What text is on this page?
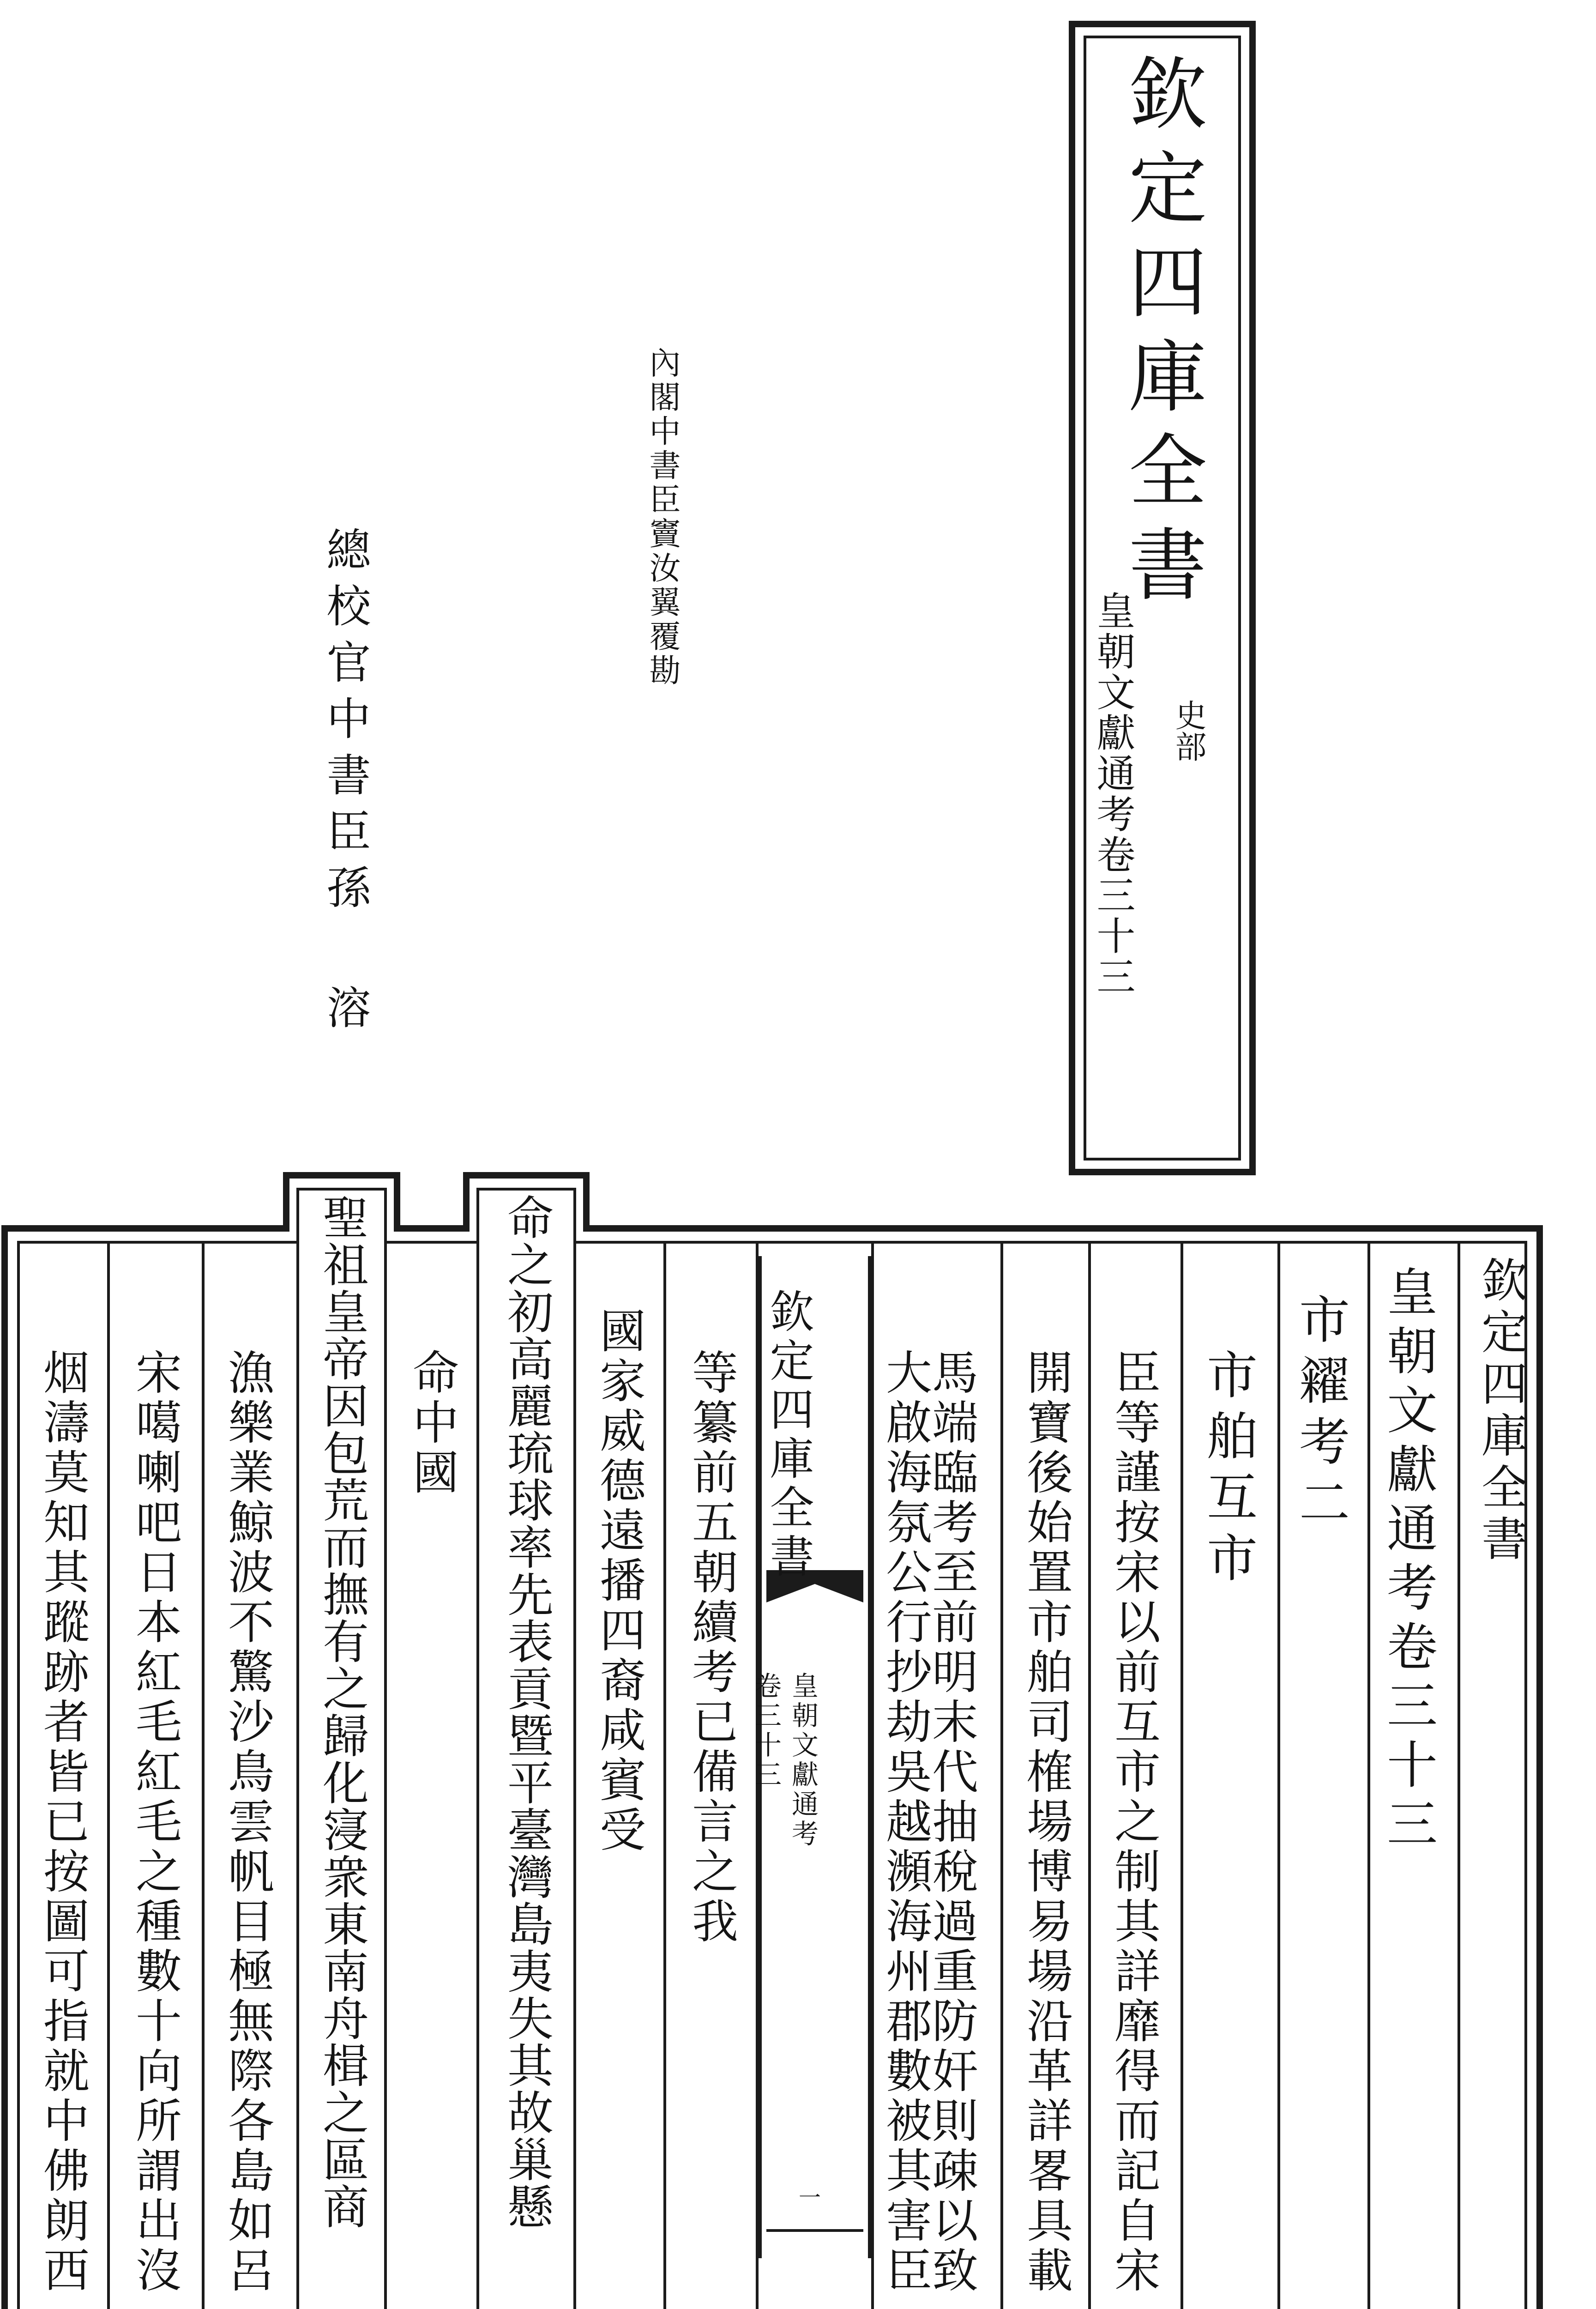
欽定四庫全書
皇朝文獻通考卷三十三 史部
內閣中書臣竇汝翼覆勘
總校官中書臣孫 溶
欽定四庫全書
皇朝文獻通考卷三十三
市糴考二
市舶互市
臣等謹按宋以前互市之制其詳靡得而記自宋
開寶後始置市舶司榷場博易場沿革詳畧具載
馬端臨考至前明末代抽稅過重防奸則疎以致
大啟海氛公行抄劫吳越瀕海州郡數被其害臣
欽定四庫全書
皇朝文獻通考
卷三十三
一
等纂前五朝續考已備言之我
國家威德遠播四裔咸賓受
命之初高麗琉球率先表貢暨平臺灣島夷失其故巢懸
命中國
聖祖皇帝因包荒而撫有之歸化寖衆東南舟楫之區商
漁樂業鯨波不驚沙鳥雲帆目極無際各島如呂
宋噶喇吧日本紅毛紅毛之種數十向所謂出沒
烟濤莫知其蹤跡者皆已按圖可指就中佛朗西
